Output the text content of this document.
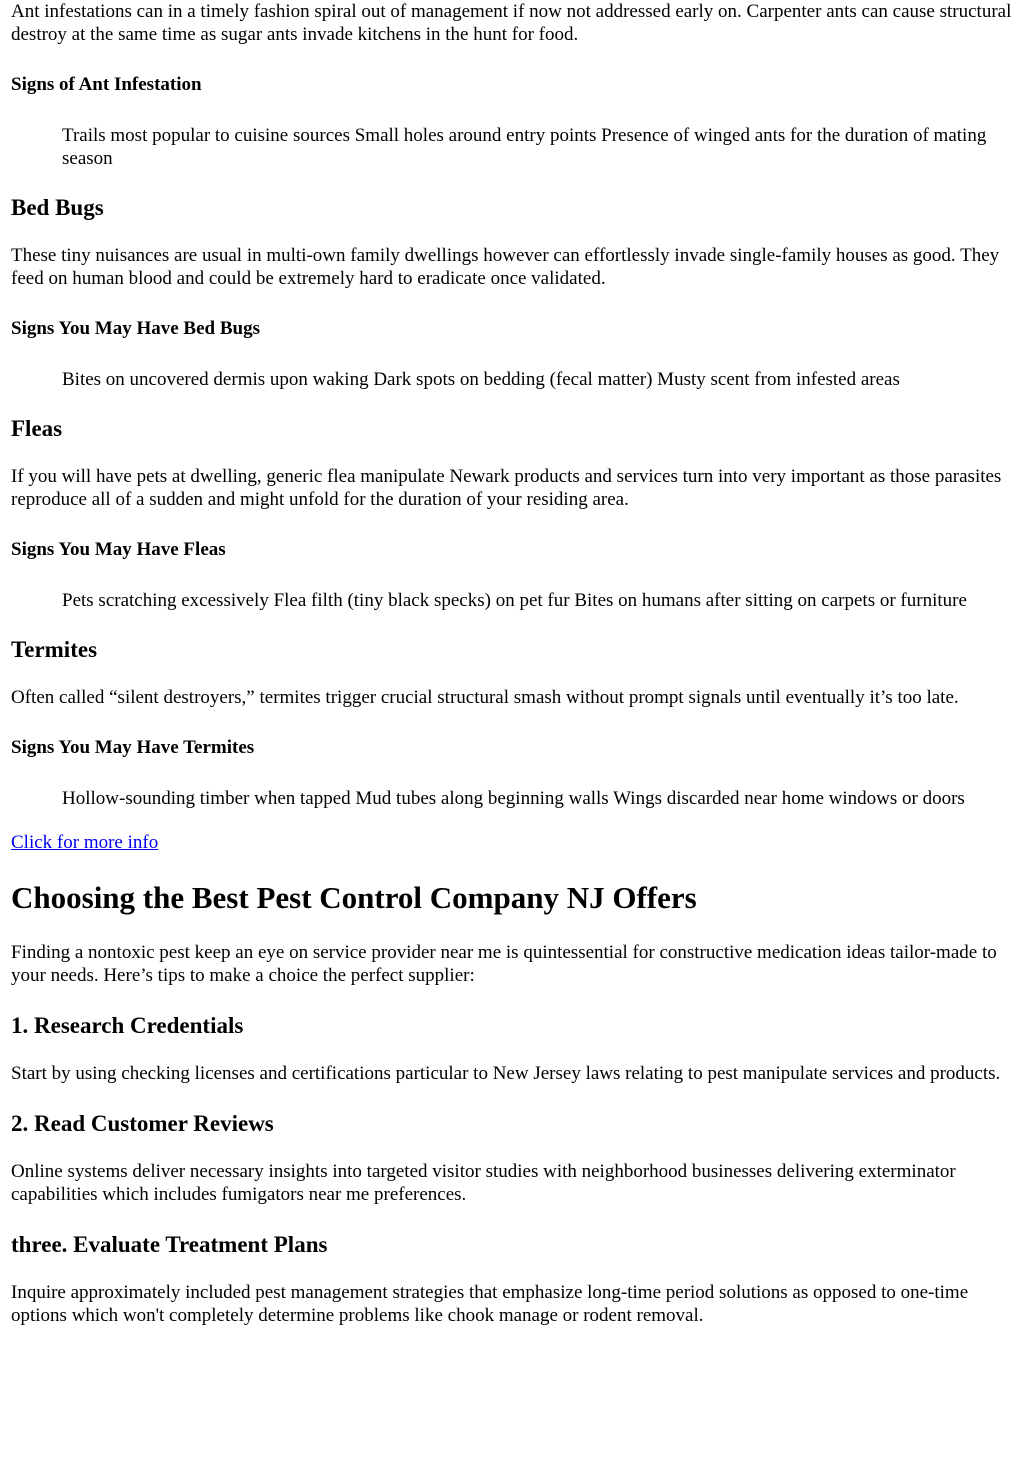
Ant infestations can in a timely fashion spiral out of management if now not addressed early on. Carpenter ants can cause structural destroy at the same time as sugar ants invade kitchens in the hunt for food.

Signs of Ant Infestation
Trails most popular to cuisine sources Small holes around entry points Presence of winged ants for the duration of mating season
Bed Bugs

These tiny nuisances are usual in multi-own family dwellings however can effortlessly invade single-family houses as good. They feed on human blood and could be extremely hard to eradicate once validated.

Signs You May Have Bed Bugs
Bites on uncovered dermis upon waking Dark spots on bedding (fecal matter) Musty scent from infested areas
Fleas

If you will have pets at dwelling, generic flea manipulate Newark products and services turn into very important as those parasites reproduce all of a sudden and might unfold for the duration of your residing area.

Signs You May Have Fleas
Pets scratching excessively Flea filth (tiny black specks) on pet fur Bites on humans after sitting on carpets or furniture
Termites

Often called “silent destroyers,” termites trigger crucial structural smash without prompt signals until eventually it’s too late.

Signs You May Have Termites
Hollow-sounding timber when tapped Mud tubes along beginning walls Wings discarded near home windows or doors

Click for more info

Choosing the Best Pest Control Company NJ Offers

Finding a nontoxic pest keep an eye on service provider near me is quintessential for constructive medication ideas tailor-made to your needs. Here’s tips to make a choice the perfect supplier:

1. Research Credentials

Start by using checking licenses and certifications particular to New Jersey laws relating to pest manipulate services and products.

2. Read Customer Reviews

Online systems deliver necessary insights into targeted visitor studies with neighborhood businesses delivering exterminator capabilities which includes fumigators near me preferences.

three. Evaluate Treatment Plans

Inquire approximately included pest management strategies that emphasize long-time period solutions as opposed to one-time options which won't completely determine problems like chook manage or rodent removal.
